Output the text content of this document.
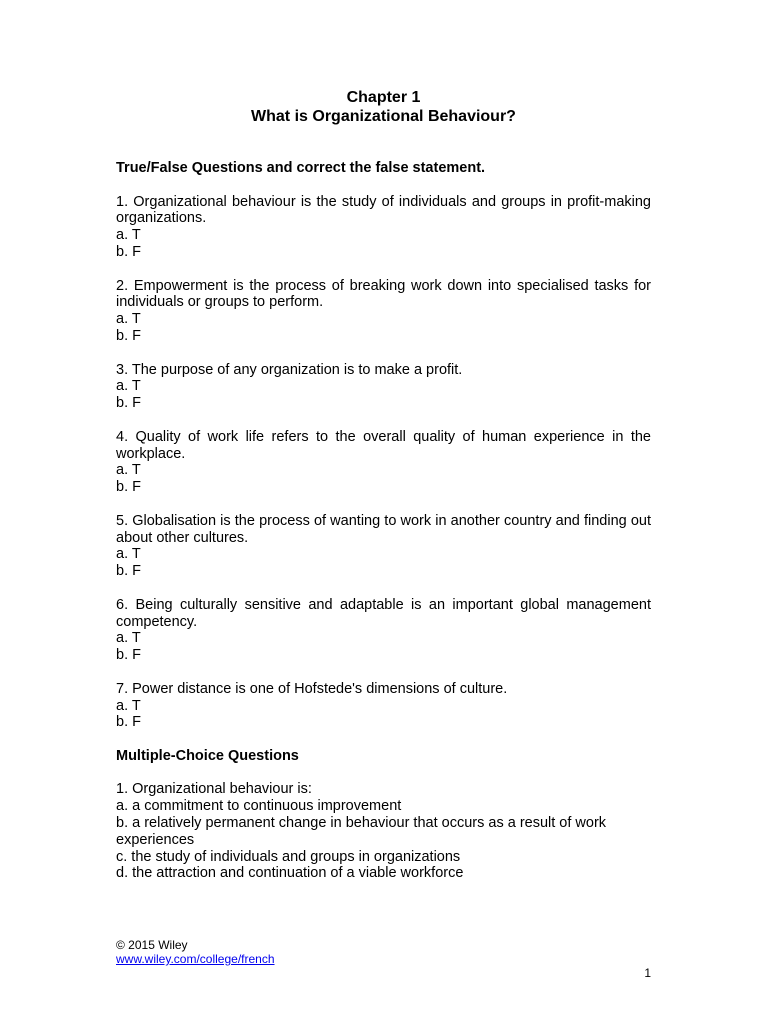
Chapter 1
What is Organizational Behaviour?

True/False Questions and correct the false statement.

1. Organizational behaviour is the study of individuals and groups in profit-making organizations.
a. T
b. F
2. Empowerment is the process of breaking work down into specialised tasks for individuals or groups to perform.
a. T
b. F
3. The purpose of any organization is to make a profit.
a. T
b. F
4. Quality of work life refers to the overall quality of human experience in the workplace.
a. T
b. F
5. Globalisation is the process of wanting to work in another country and finding out about other cultures.
a. T
b. F
6. Being culturally sensitive and adaptable is an important global management competency.
a. T
b. F
7. Power distance is one of Hofstede's dimensions of culture.
a. T
b. F

Multiple-Choice Questions

1. Organizational behaviour is:
a. a commitment to continuous improvement
b. a relatively permanent change in behaviour that occurs as a result of work experiences
c. the study of individuals and groups in organizations
d. the attraction and continuation of a viable workforce
© 2015 Wiley
www.wiley.com/college/french
1
